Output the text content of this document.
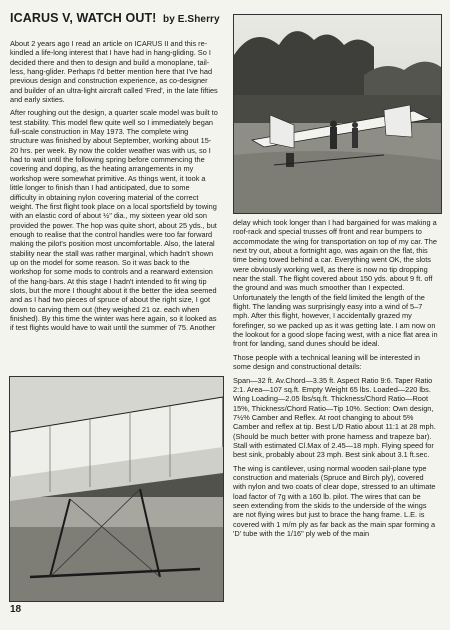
ICARUS V, WATCH OUT! by E.Sherry

About 2 years ago I read an article on ICARUS II and this re-kindled a life-long interest that I have had in hang-gliding. So I decided there and then to design and build a monoplane, tail-less, hang-glider. Perhaps I'd better mention here that I've had previous design and construction experience, as co-designer and builder of an ultra-light aircraft called 'Fred', in the late fifties and early sixties.

After roughing out the design, a quarter scale model was built to test stability. This model flew quite well so I immediately began full-scale construction in May 1973. The complete wing structure was finished by about September, working about 15-20 hrs. per week. By now the colder weather was with us, so I had to wait until the following spring before commencing the covering and doping, as the heating arrangements in my workshop were somewhat primitive. As things went, it took a little longer to finish than I had anticipated, due to some difficulty in obtaining nylon covering material of the correct weight. The first flight took place on a local sportsfield by towing with an elastic cord of about ½" dia., my sixteen year old son provided the power. The hop was quite short, about 25 yds., but enough to realise that the control handles were too far forward making the pilot's position most uncomfortable. Also, the lateral stability near the stall was rather marginal, which hadn't shown up on the model for some reason. So it was back to the workshop for some mods to controls and a rearward extension of the hang-bars. At this stage I hadn't intended to fit wing tip slots, but the more I thought about it the better the idea seemed and as I had two pieces of spruce of about the right size, I got down to carving them out (they weighed 21 oz. each when finished). By this time the winter was here again, so it looked as if test flights would have to wait until the summer of 75. Another

delay which took longer than I had bargained for was making a roof-rack and special trusses off front and rear bumpers to accommodate the wing for transportation on top of my car. The next try out, about a fortnight ago, was again on the flat, this time being towed behind a car. Everything went OK, the slots were obviously working well, as there is now no tip dropping near the stall. The flight covered about 150 yds. about 9 ft. off the ground and was much smoother than I expected. Unfortunately the length of the field limited the length of the flight. The landing was surprisingly easy into a wind of 5–7 mph. After this flight, however, I accidentally grazed my forefinger, so we packed up as it was getting late. I am now on the lookout for a good slope facing west, with a nice flat area in front for landing, sand dunes should be ideal.

Those people with a technical leaning will be interested in some design and constructional details:

Span—32 ft. Av.Chord—3.35 ft. Aspect Ratio 9:6. Taper Ratio 2:1. Area—107 sq.ft. Empty Weight 65 lbs. Loaded—220 lbs. Wing Loading—2.05 lbs/sq.ft. Thickness/Chord Ratio—Root 15%, Thickness/Chord Ratio—Tip 10%. Section: Own design, 7½% Camber and Reflex. At root changing to about 5% Camber and reflex at tip. Best L/D Ratio about 11:1 at 28 mph. (Should be much better with prone harness and trapeze bar). Stall with estimated Cl.Max of 2.45—18 mph. Flying speed for best sink, probably about 23 mph. Best sink about 3.1 ft.sec.

The wing is cantilever, using normal wooden sail-plane type construction and materials (Spruce and Birch ply), covered with nylon and two coats of clear dope, stressed to an ultimate load factor of 7g with a 160 lb. pilot. The wires that can be seen extending from the skids to the underside of the wings are not flying wires but just to brace the hang frame. L.E. is covered with 1 m/m ply as far back as the main spar forming a 'D' tube with the 1/16" ply web of the main

18
